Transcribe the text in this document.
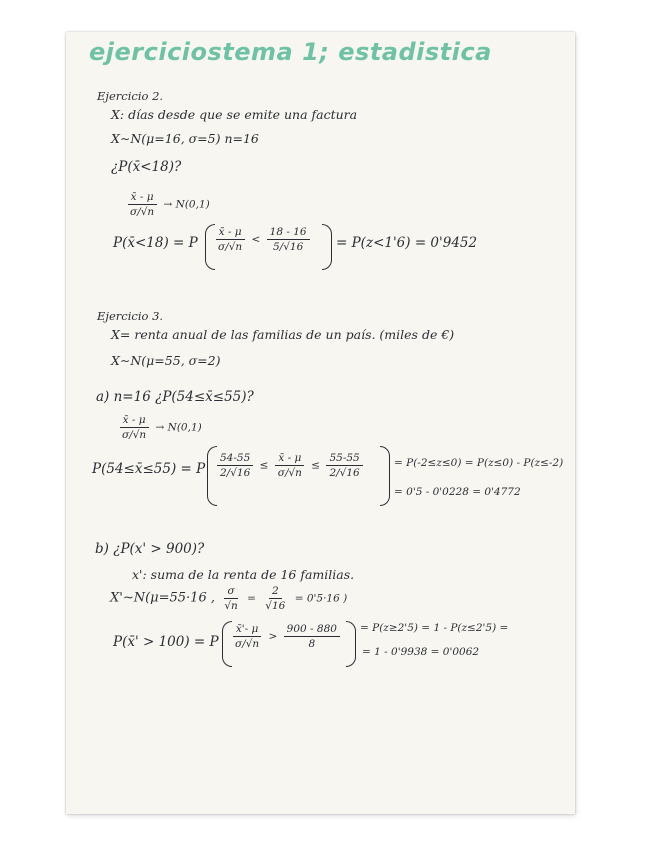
ejerciciostema 1; estadistica
Ejercicio 2.
X: días desde que se emite una factura
X∼N(μ=16, σ=5) n=16
¿P(x̄<18)?
$\frac{x̄ - \mu}{\sigma/√n} \to N(0,1)$
P(x̄<18) = P $\frac{x̄ - \mu}{\sigma/√n} < \frac{18 - 16}{5/√16} = P(z<1'6) = 0'9452$
Ejercicio 3.
X= renta anual de las familias de un país. (miles de €)
X∼N(μ=55, σ=2)
a) n=16 ¿P(54≤x̄≤55)?
$\frac{x̄ - \mu}{\sigma/√n} \to N(0,1)$
P(54≤x̄≤55) = P $\frac{54-55}{2/√16} \le \frac{x̄ - \mu}{\sigma/√n} \le \frac{55-55}{2/√16}$	= P(-2≤z≤0) = P(z≤0) - P(z≤-2)
= 0'5 - 0'0228 = 0'4772
b) ¿P(x' > 900)?
x': suma de la renta de 16 familias.
X'∼N(μ=55·16 , $\frac{\sigma}{√n} = \frac{2}{√16} = 0'5\cdot 16$ )
P(x̄' > 100) = P $\frac{x̄'- \mu}{\sigma/√n} > \frac{900 - 880}{8} = P(z\ge 2'5) = 1 - P(z\le 2'5)$ =
= 1 - 0'9938 = 0'0062
